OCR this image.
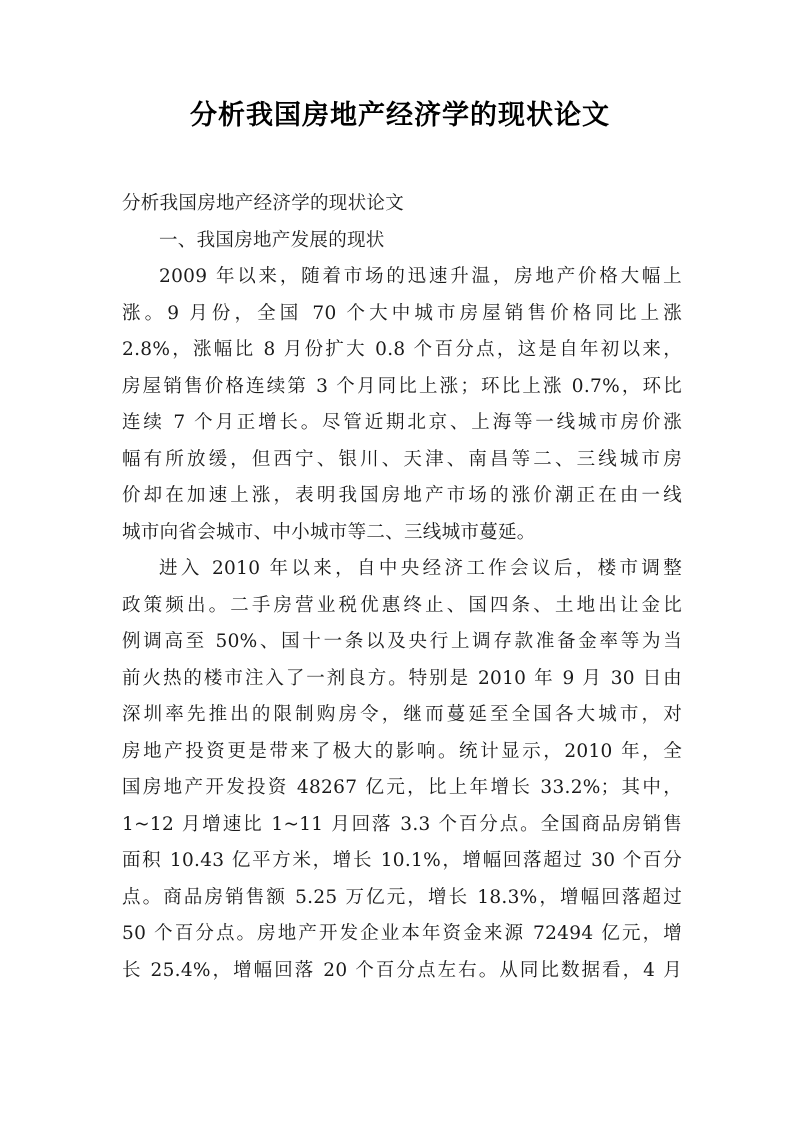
分析我国房地产经济学的现状论文
分析我国房地产经济学的现状论文
一、我国房地产发展的现状
2009 年以来，随着市场的迅速升温，房地产价格大幅上
涨。9 月份，全国 70 个大中城市房屋销售价格同比上涨
2.8%，涨幅比 8 月份扩大 0.8 个百分点，这是自年初以来，
房屋销售价格连续第 3 个月同比上涨；环比上涨 0.7%，环比
连续 7 个月正增长。尽管近期北京、上海等一线城市房价涨
幅有所放缓，但西宁、银川、天津、南昌等二、三线城市房
价却在加速上涨，表明我国房地产市场的涨价潮正在由一线
城市向省会城市、中小城市等二、三线城市蔓延。
进入 2010 年以来，自中央经济工作会议后，楼市调整
政策频出。二手房营业税优惠终止、国四条、土地出让金比
例调高至 50%、国十一条以及央行上调存款准备金率等为当
前火热的楼市注入了一剂良方。特别是 2010 年 9 月 30 日由
深圳率先推出的限制购房令，继而蔓延至全国各大城市，对
房地产投资更是带来了极大的影响。统计显示，2010 年，全
国房地产开发投资 48267 亿元，比上年增长 33.2%；其中，
1~12 月增速比 1~11 月回落 3.3 个百分点。全国商品房销售
面积 10.43 亿平方米，增长 10.1%，增幅回落超过 30 个百分
点。商品房销售额 5.25 万亿元，增长 18.3%，增幅回落超过
50 个百分点。房地产开发企业本年资金来源 72494 亿元，增
长 25.4%，增幅回落 20 个百分点左右。从同比数据看，4 月
